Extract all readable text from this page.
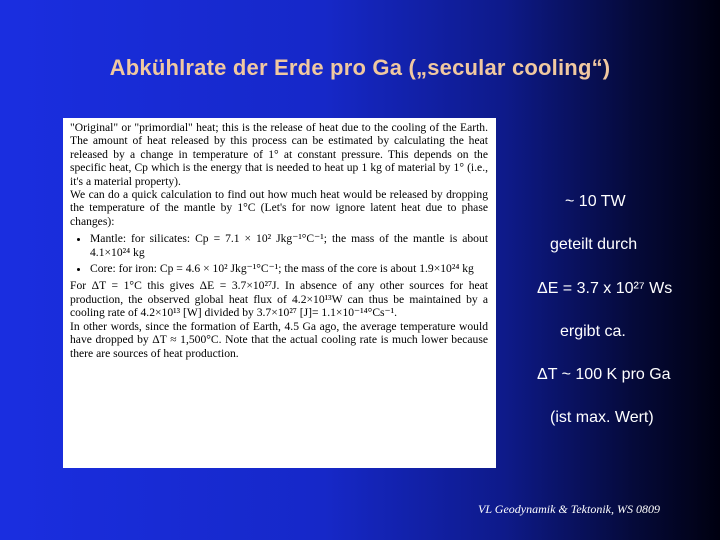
Abkühlrate der Erde pro Ga („secular cooling“)

"Original" or "primordial" heat; this is the release of heat due to the cooling of the Earth. The amount of heat released by this process can be estimated by calculating the heat released by a change in temperature of 1° at constant pressure. This depends on the specific heat, Cp which is the energy that is needed to heat up 1 kg of material by 1° (i.e., it's a material property).

We can do a quick calculation to find out how much heat would be released by dropping the temperature of the mantle by 1°C (Let's for now ignore latent heat due to phase changes):

• Mantle: for silicates: Cp = 7.1 × 10² Jkg⁻¹°C⁻¹; the mass of the mantle is about 4.1×10²⁴ kg
• Core: for iron: Cp = 4.6 × 10² Jkg⁻¹°C⁻¹; the mass of the core is about 1.9×10²⁴ kg

For ΔT = 1°C this gives ΔE = 3.7×10²⁷J. In absence of any other sources for heat production, the observed global heat flux of 4.2×10¹³W can thus be maintained by a cooling rate of 4.2×10¹³ [W] divided by 3.7×10²⁷ [J]= 1.1×10⁻¹⁴°Cs⁻¹.

In other words, since the formation of Earth, 4.5 Ga ago, the average temperature would have dropped by ΔT ≈ 1,500°C. Note that the actual cooling rate is much lower because there are sources of heat production.

~ 10 TW
geteilt durch
ΔE = 3.7 x 10²⁷ Ws
ergibt ca.
ΔT ~ 100 K pro Ga
(ist max. Wert)
VL Geodynamik & Tektonik, WS 0809
